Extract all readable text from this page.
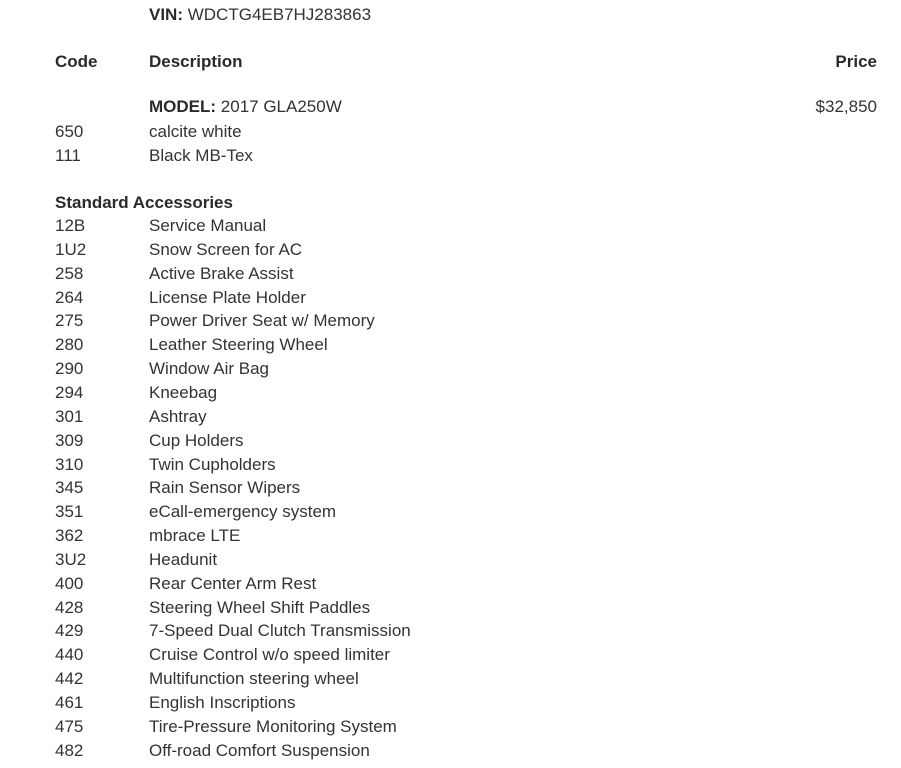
VIN: WDCTG4EB7HJ283863
Code	Description	Price
MODEL: 2017 GLA250W	$32,850
650	calcite white
111	Black MB-Tex
Standard Accessories
12B	Service Manual
1U2	Snow Screen for AC
258	Active Brake Assist
264	License Plate Holder
275	Power Driver Seat w/ Memory
280	Leather Steering Wheel
290	Window Air Bag
294	Kneebag
301	Ashtray
309	Cup Holders
310	Twin Cupholders
345	Rain Sensor Wipers
351	eCall-emergency system
362	mbrace LTE
3U2	Headunit
400	Rear Center Arm Rest
428	Steering Wheel Shift Paddles
429	7-Speed Dual Clutch Transmission
440	Cruise Control w/o speed limiter
442	Multifunction steering wheel
461	English Inscriptions
475	Tire-Pressure Monitoring System
482	Off-road Comfort Suspension
